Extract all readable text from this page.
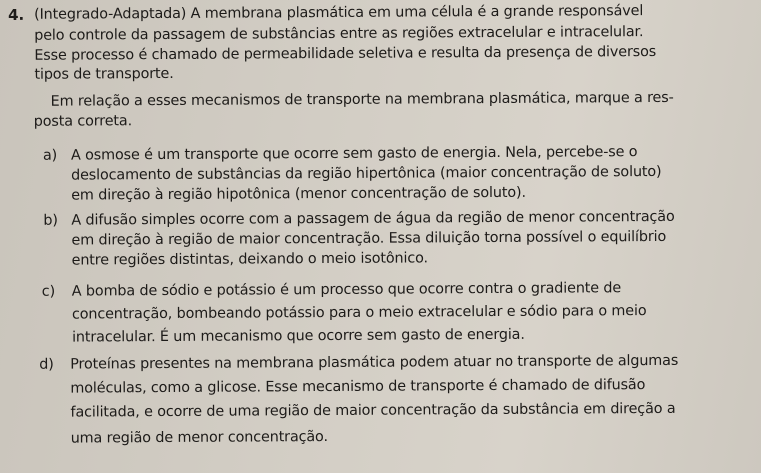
4. (Integrado-Adaptada) A membrana plasmática em uma célula é a grande responsável
pelo controle da passagem de substâncias entre as regiões extracelular e intracelular.
Esse processo é chamado de permeabilidade seletiva e resulta da presença de diversos
tipos de transporte.
Em relação a esses mecanismos de transporte na membrana plasmática, marque a res-
posta correta.
a) A osmose é um transporte que ocorre sem gasto de energia. Nela, percebe-se o
deslocamento de substâncias da região hipertônica (maior concentração de soluto)
em direção à região hipotônica (menor concentração de soluto).
b) A difusão simples ocorre com a passagem de água da região de menor concentração
em direção à região de maior concentração. Essa diluição torna possível o equilíbrio
entre regiões distintas, deixando o meio isotônico.
c) A bomba de sódio e potássio é um processo que ocorre contra o gradiente de
concentração, bombeando potássio para o meio extracelular e sódio para o meio
intracelular. É um mecanismo que ocorre sem gasto de energia.
d) Proteínas presentes na membrana plasmática podem atuar no transporte de algumas
moléculas, como a glicose. Esse mecanismo de transporte é chamado de difusão
facilitada, e ocorre de uma região de maior concentração da substância em direção a
uma região de menor concentração.
